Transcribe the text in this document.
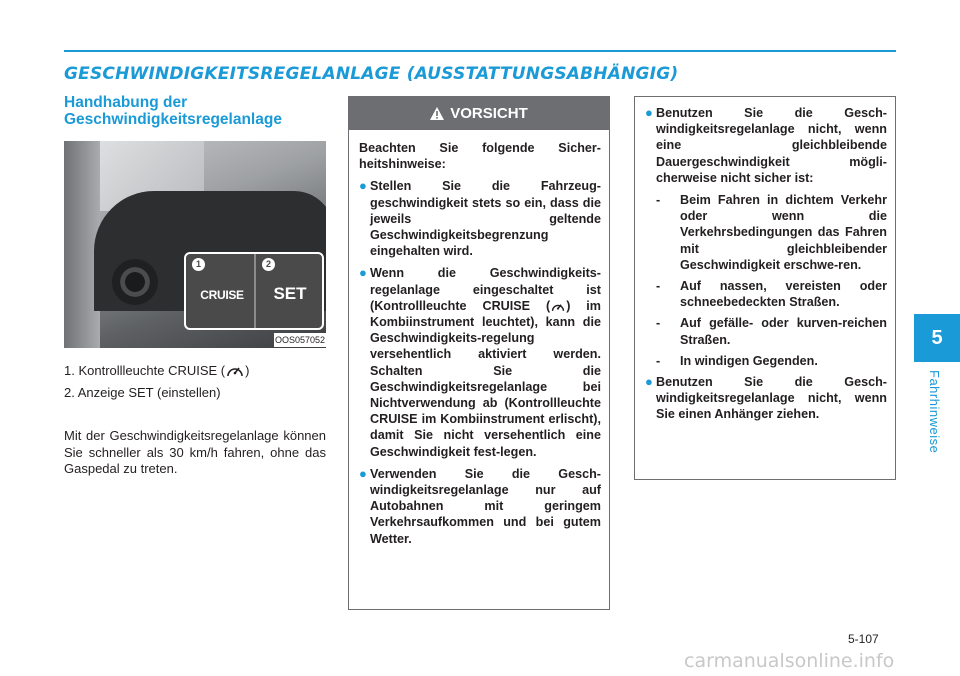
GESCHWINDIGKEITSREGELANLAGE (AUSSTATTUNGSABHÄNGIG)
Handhabung der Geschwindigkeitsregelanlage
1	2
CRUISE	SET
OOS057052
1. Kontrollleuchte CRUISE ( )
2. Anzeige SET (einstellen)
Mit der Geschwindigkeitsregelanlage können Sie schneller als 30 km/h fahren, ohne das Gaspedal zu treten.
VORSICHT

Beachten Sie folgende Sicher-heitshinweise:

● Stellen Sie die Fahrzeug-geschwindigkeit stets so ein, dass die jeweils geltende Geschwindigkeitsbegrenzung eingehalten wird.
● Wenn die Geschwindigkeits-regelanlage eingeschaltet ist (Kontrollleuchte CRUISE ( ) im Kombiinstrument leuchtet), kann die Geschwindigkeits-regelung versehentlich aktiviert werden. Schalten Sie die Geschwindigkeitsregelanlage bei Nichtverwendung ab (Kontrollleuchte CRUISE im Kombiinstrument erlischt), damit Sie nicht versehentlich eine Geschwindigkeit fest-legen.
● Verwenden Sie die Gesch-windigkeitsregelanlage nur auf Autobahnen mit geringem Verkehrsaufkommen und bei gutem Wetter.
● Benutzen Sie die Gesch-windigkeitsregelanlage nicht, wenn eine gleichbleibende Dauergeschwindigkeit mögli-cherweise nicht sicher ist:
- Beim Fahren in dichtem Verkehr oder wenn die Verkehrsbedingungen das Fahren mit gleichbleibender Geschwindigkeit erschwe-ren.
- Auf nassen, vereisten oder schneebedeckten Straßen.
- Auf gefälle- oder kurven-reichen Straßen.
- In windigen Gegenden.
● Benutzen Sie die Gesch-windigkeitsregelanlage nicht, wenn Sie einen Anhänger ziehen.
5
Fahrhinweise
5-107
carmanualsonline.info
